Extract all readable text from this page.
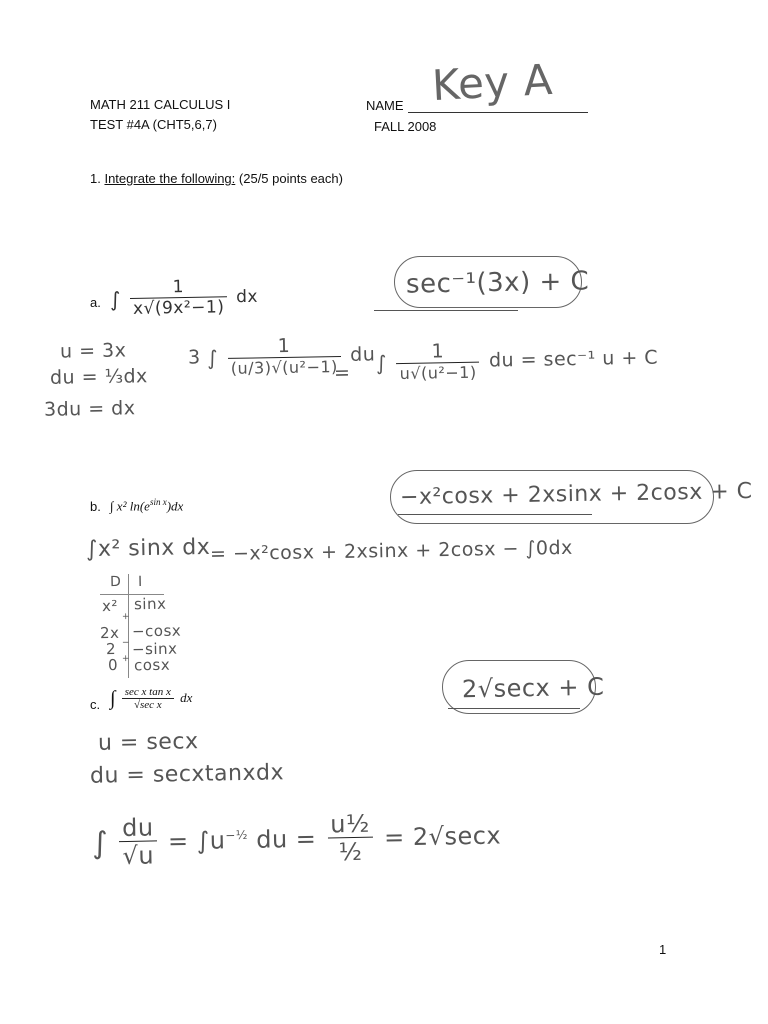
MATH 211 CALCULUS I
TEST #4A (CHT5,6,7)
NAME Key A
FALL 2008
1. Integrate the following: (25/5 points each)
a. ∫ $\frac{1}{\text{x√(9x²−1)}}$ dx	sec⁻¹(3x) + C
u = 3x
du = ⅓dx
3du = dx
3 ∫ $\frac{1}{\text{(u/3)√(u²−1)}}$ du
= ∫ $\frac{1}{\text{u√(u²−1)}}$ du = sec⁻¹ u + C
b. ∫ x² $\ln(e^{sin x})dx$	−x²cosx + 2xsinx + 2cosx + C
∫x² sinx dx = −x²cosx + 2xsinx + 2cosx − ∫0dx
D I
x² sinx
+
2x −cosx
−
2 −sinx
+
0 cosx
c. ∫ $\frac{\text{sec x tan x}}{\text{√sec x}}$ dx	2√secx + C
u = secx
du = secxtanxdx
∫ $\frac{du}{√u} = \int u^{-\frac{1}{2}}$ du = $\frac{\text{u½}}{\text{½}} = 2√\sec x$
1
